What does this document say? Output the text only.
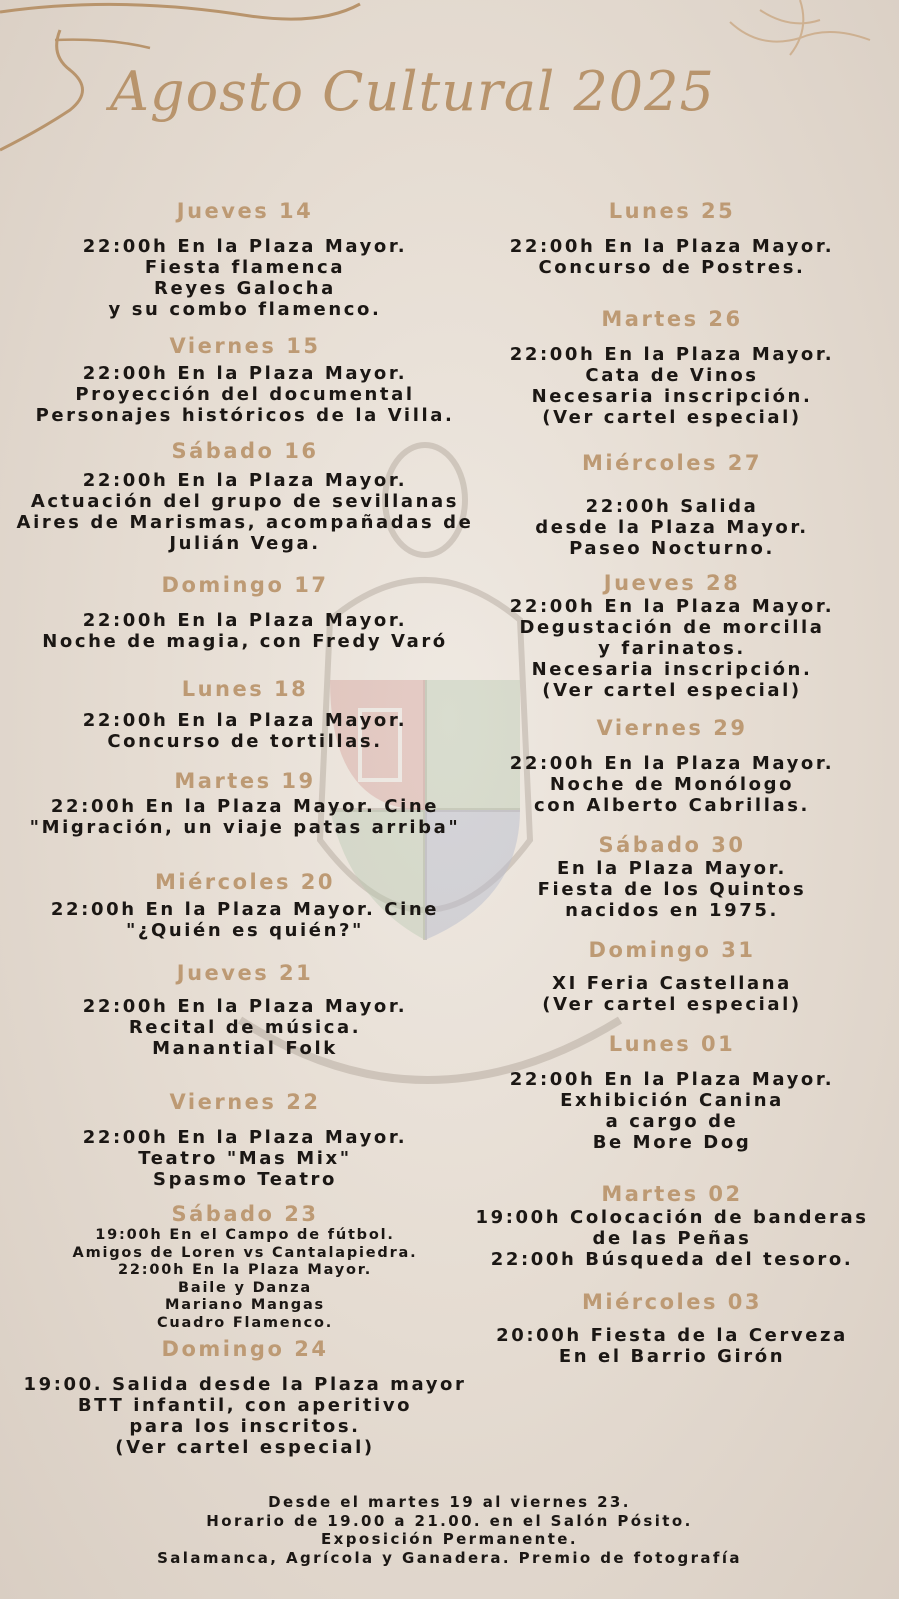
Agosto Cultural 2025
Jueves 14
22:00h En la Plaza Mayor.
Fiesta flamenca
Reyes Galocha
y su combo flamenco.
Viernes 15
22:00h En la Plaza Mayor.
Proyección del documental
Personajes históricos de la Villa.
Sábado 16
22:00h En la Plaza Mayor.
Actuación del grupo de sevillanas
Aires de Marismas, acompañadas de
Julián Vega.
Domingo 17
22:00h En la Plaza Mayor.
Noche de magia, con Fredy Varó
Lunes 18
22:00h En la Plaza Mayor.
Concurso de tortillas.
Martes 19
22:00h En la Plaza Mayor. Cine
"Migración, un viaje patas arriba"
Miércoles 20
22:00h En la Plaza Mayor. Cine
"¿Quién es quién?"
Jueves 21
22:00h En la Plaza Mayor.
Recital de música.
Manantial Folk
Viernes 22
22:00h En la Plaza Mayor.
Teatro "Mas Mix"
Spasmo Teatro
Sábado 23
19:00h En el Campo de fútbol.
Amigos de Loren vs Cantalapiedra.
22:00h En la Plaza Mayor.
Baile y Danza
Mariano Mangas
Cuadro Flamenco.
Domingo 24
19:00. Salida desde la Plaza mayor
BTT infantil, con aperitivo
para los inscritos.
(Ver cartel especial)
Lunes 25
22:00h En la Plaza Mayor.
Concurso de Postres.
Martes 26
22:00h En la Plaza Mayor.
Cata de Vinos
Necesaria inscripción.
(Ver cartel especial)
Miércoles 27
22:00h Salida
desde la Plaza Mayor.
Paseo Nocturno.
Jueves 28
22:00h En la Plaza Mayor.
Degustación de morcilla
y farinatos.
Necesaria inscripción.
(Ver cartel especial)
Viernes 29
22:00h En la Plaza Mayor.
Noche de Monólogo
con Alberto Cabrillas.
Sábado 30
En la Plaza Mayor.
Fiesta de los Quintos
nacidos en 1975.
Domingo 31
XI Feria Castellana
(Ver cartel especial)
Lunes 01
22:00h En la Plaza Mayor.
Exhibición Canina
a cargo de
Be More Dog
Martes 02
19:00h Colocación de banderas
de las Peñas
22:00h Búsqueda del tesoro.
Miércoles 03
20:00h Fiesta de la Cerveza
En el Barrio Girón
Desde el martes 19 al viernes 23.
Horario de 19.00 a 21.00. en el Salón Pósito.
Exposición Permanente.
Salamanca, Agrícola y Ganadera. Premio de fotografía
